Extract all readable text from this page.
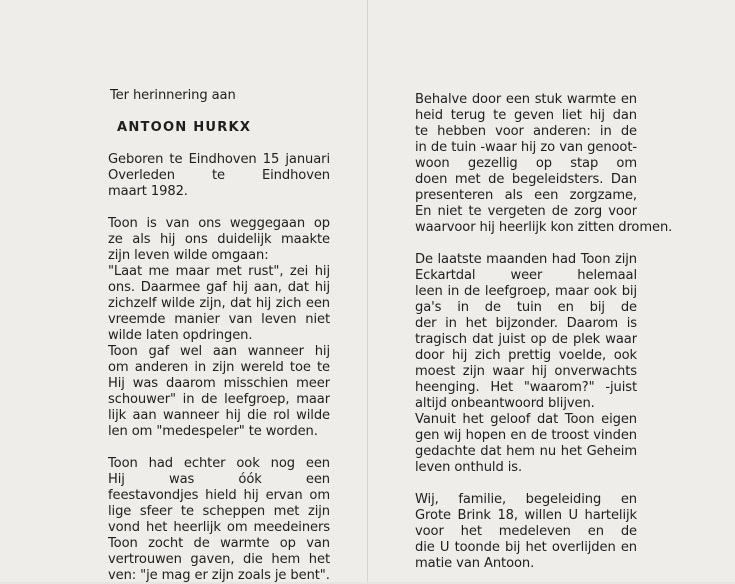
Ter herinnering aan
ANTOON HURKX
Geboren te Eindhoven 15 januari
Overleden te Eindhoven
maart 1982.
Toon is van ons weggegaan op
ze als hij ons duidelijk maakte
zijn leven wilde omgaan:
"Laat me maar met rust", zei hij
ons. Daarmee gaf hij aan, dat hij
zichzelf wilde zijn, dat hij zich een
vreemde manier van leven niet
wilde laten opdringen.
Toon gaf wel aan wanneer hij
om anderen in zijn wereld toe te
Hij was daarom misschien meer
schouwer" in de leefgroep, maar
lijk aan wanneer hij die rol wilde
len om "medespeler" te worden.
Toon had echter ook nog een
Hij was óók een
feestavondjes hield hij ervan om
lige sfeer te scheppen met zijn
vond het heerlijk om meedeiners
Toon zocht de warmte op van
vertrouwen gaven, die hem het
ven: "je mag er zijn zoals je bent".
Behalve door een stuk warmte en
heid terug te geven liet hij dan
te hebben voor anderen: in de
in de tuin -waar hij zo van genoot-
woon gezellig op stap om
doen met de begeleidsters. Dan
presenteren als een zorgzame,
En niet te vergeten de zorg voor
waarvoor hij heerlijk kon zitten dromen.
De laatste maanden had Toon zijn
Eckartdal weer helemaal
leen in de leefgroep, maar ook bij
ga's in de tuin en bij de
der in het bijzonder. Daarom is
tragisch dat juist op de plek waar
door hij zich prettig voelde, ook
moest zijn waar hij onverwachts
heenging. Het "waarom?" -juist
altijd onbeantwoord blijven.
Vanuit het geloof dat Toon eigen
gen wij hopen en de troost vinden
gedachte dat hem nu het Geheim
leven onthuld is.
Wij, familie, begeleiding en
Grote Brink 18, willen U hartelijk
voor het medeleven en de
die U toonde bij het overlijden en
matie van Antoon.
